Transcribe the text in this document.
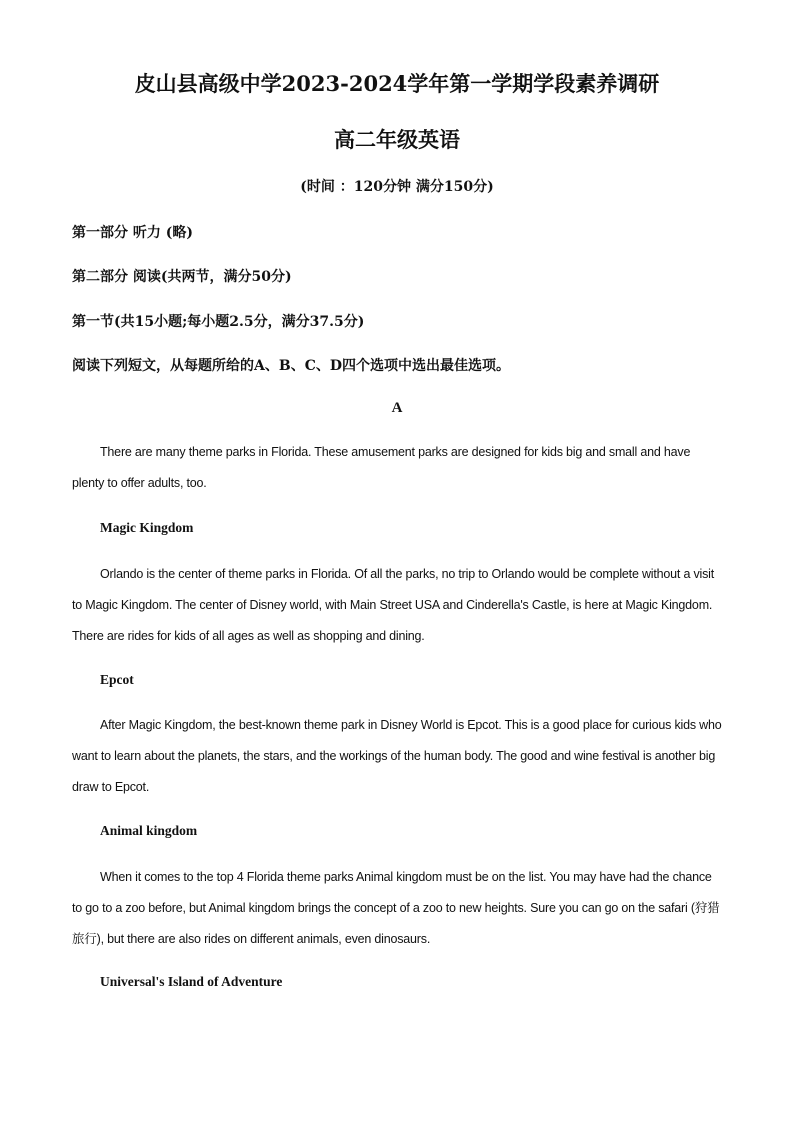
皮山县高级中学2023-2024学年第一学期学段素养调研
高二年级英语
(时间 ：120分钟 满分150分)
第一部分 听力 (略)
第二部分 阅读(共两节，满分50分)
第一节(共15小题;每小题2.5分，满分37.5分)
阅读下列短文，从每题所给的A、B、C、D四个选项中选出最佳选项。
A
There are many theme parks in Florida. These amusement parks are designed for kids big and small and have plenty to offer adults, too.
Magic Kingdom
Orlando is the center of theme parks in Florida. Of all the parks, no trip to Orlando would be complete without a visit to Magic Kingdom. The center of Disney world, with Main Street USA and Cinderella's Castle, is here at Magic Kingdom. There are rides for kids of all ages as well as shopping and dining.
Epcot
After Magic Kingdom, the best-known theme park in Disney World is Epcot. This is a good place for curious kids who want to learn about the planets, the stars, and the workings of the human body. The good and wine festival is another big draw to Epcot.
Animal kingdom
When it comes to the top 4 Florida theme parks Animal kingdom must be on the list. You may have had the chance to go to a zoo before, but Animal kingdom brings the concept of a zoo to new heights. Sure you can go on the safari (狩猎旅行), but there are also rides on different animals, even dinosaurs.
Universal's Island of Adventure
